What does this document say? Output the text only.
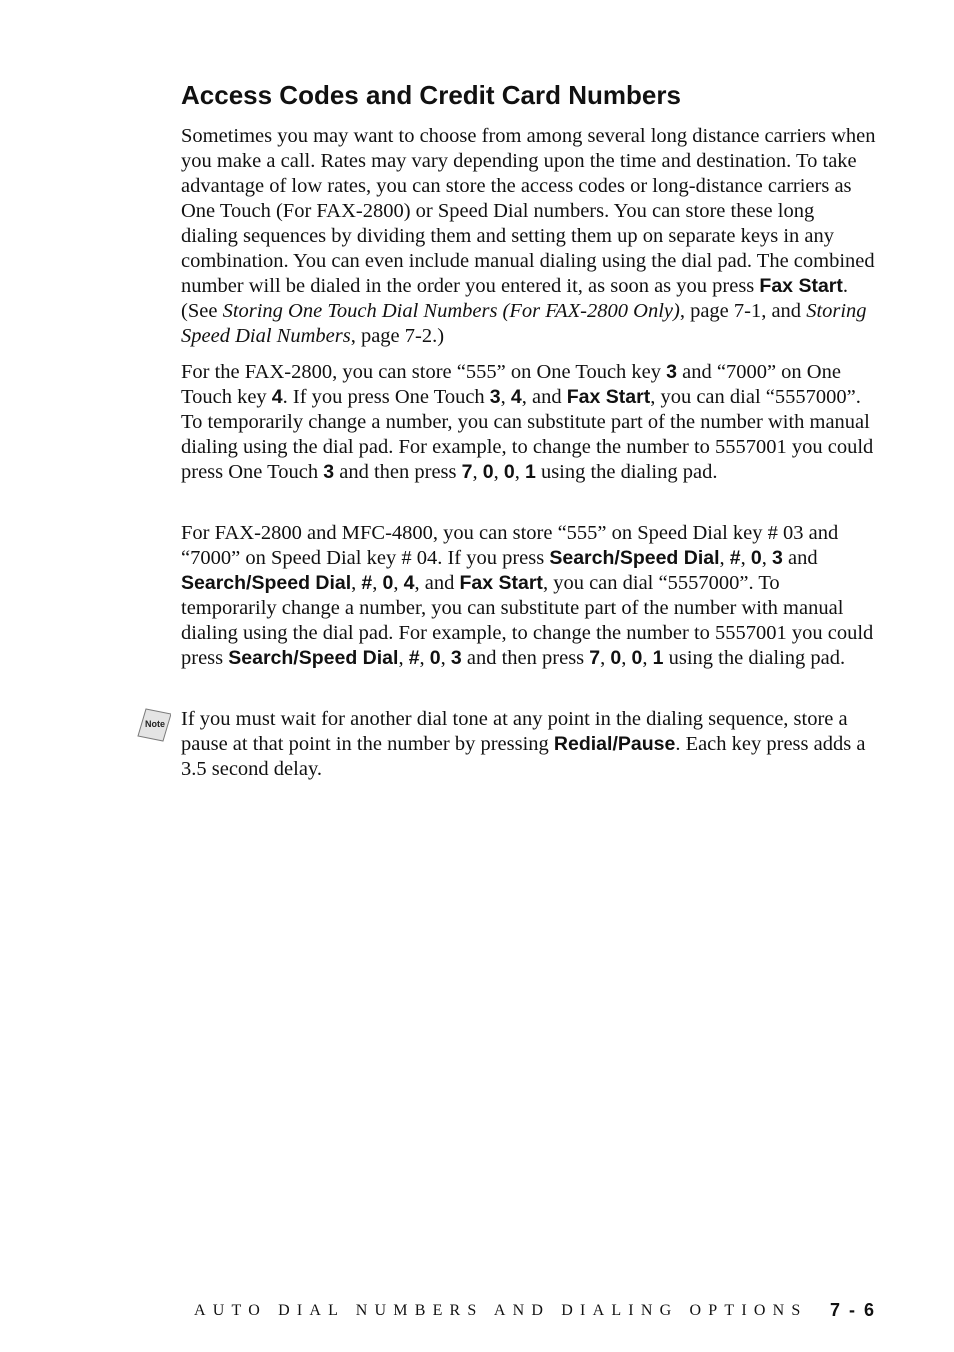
Access Codes and Credit Card Numbers

Sometimes you may want to choose from among several long distance carriers when you make a call. Rates may vary depending upon the time and destination. To take advantage of low rates, you can store the access codes or long-distance carriers as One Touch (For FAX-2800) or Speed Dial numbers. You can store these long dialing sequences by dividing them and setting them up on separate keys in any combination. You can even include manual dialing using the dial pad. The combined number will be dialed in the order you entered it, as soon as you press Fax Start. (See Storing One Touch Dial Numbers (For FAX-2800 Only), page 7-1, and Storing Speed Dial Numbers, page 7-2.)

For the FAX-2800, you can store “555” on One Touch key 3 and “7000” on One Touch key 4. If you press One Touch 3, 4, and Fax Start, you can dial “5557000”. To temporarily change a number, you can substitute part of the number with manual dialing using the dial pad. For example, to change the number to 5557001 you could press One Touch 3 and then press 7, 0, 0, 1 using the dialing pad.

For FAX-2800 and MFC-4800, you can store “555” on Speed Dial key # 03 and “7000” on Speed Dial key # 04. If you press Search/Speed Dial, #, 0, 3 and Search/Speed Dial, #, 0, 4, and Fax Start, you can dial “5557000”. To temporarily change a number, you can substitute part of the number with manual dialing using the dial pad. For example, to change the number to 5557001 you could press Search/Speed Dial, #, 0, 3 and then press 7, 0, 0, 1 using the dialing pad.

Note If you must wait for another dial tone at any point in the dialing sequence, store a pause at that point in the number by pressing Redial/Pause. Each key press adds a 3.5 second delay.

AUTO DIAL NUMBERS AND DIALING OPTIONS 7 - 6
